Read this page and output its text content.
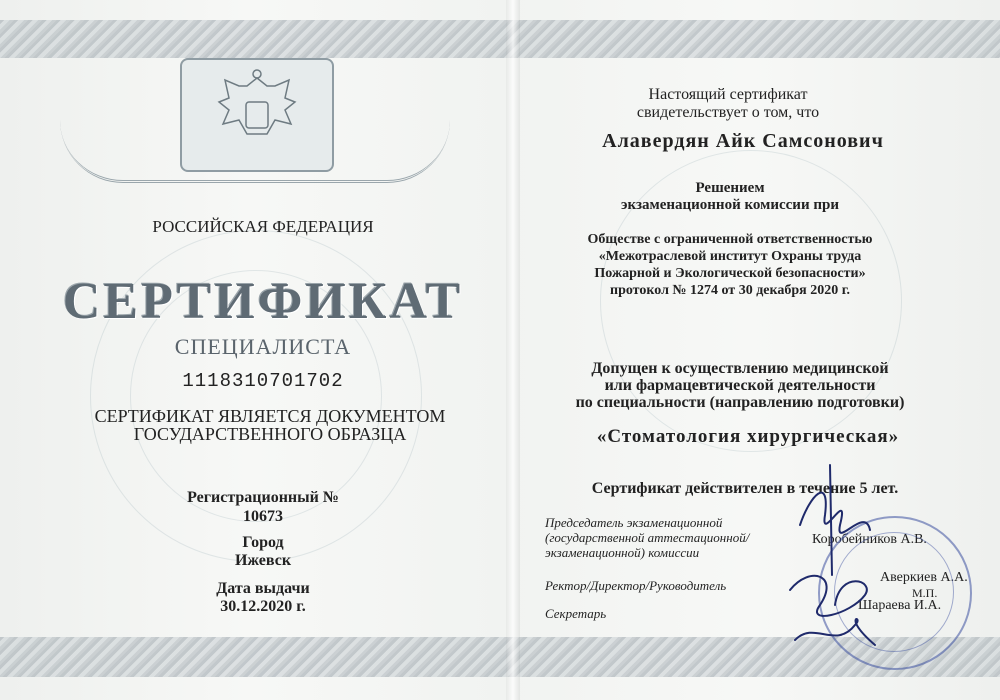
РОССИЙСКАЯ ФЕДЕРАЦИЯ
СЕРТИФИКАТ
СПЕЦИАЛИСТА
1118310701702
СЕРТИФИКАТ ЯВЛЯЕТСЯ ДОКУМЕНТОМ
ГОСУДАРСТВЕННОГО ОБРАЗЦА
Регистрационный №
10673
Город
Ижевск
Дата выдачи
30.12.2020 г.
Настоящий сертификат
свидетельствует о том, что
Алавердян Айк Самсонович
Решением
экзаменационной комиссии при
Обществе с ограниченной ответственностью
«Межотраслевой институт Охраны труда
Пожарной и Экологической безопасности»
протокол № 1274 от 30 декабря 2020 г.
Допущен к осуществлению медицинской
или фармацевтической деятельности
по специальности (направлению подготовки)
«Стоматология хирургическая»
Сертификат действителен в течение 5 лет.
Председатель экзаменационной
(государственной аттестационной/
экзаменационной) комиссии
Коробейников А.В.
Ректор/Директор/Руководитель
Аверкиев А.А.
М.П.
Секретарь
Шараева И.А.
